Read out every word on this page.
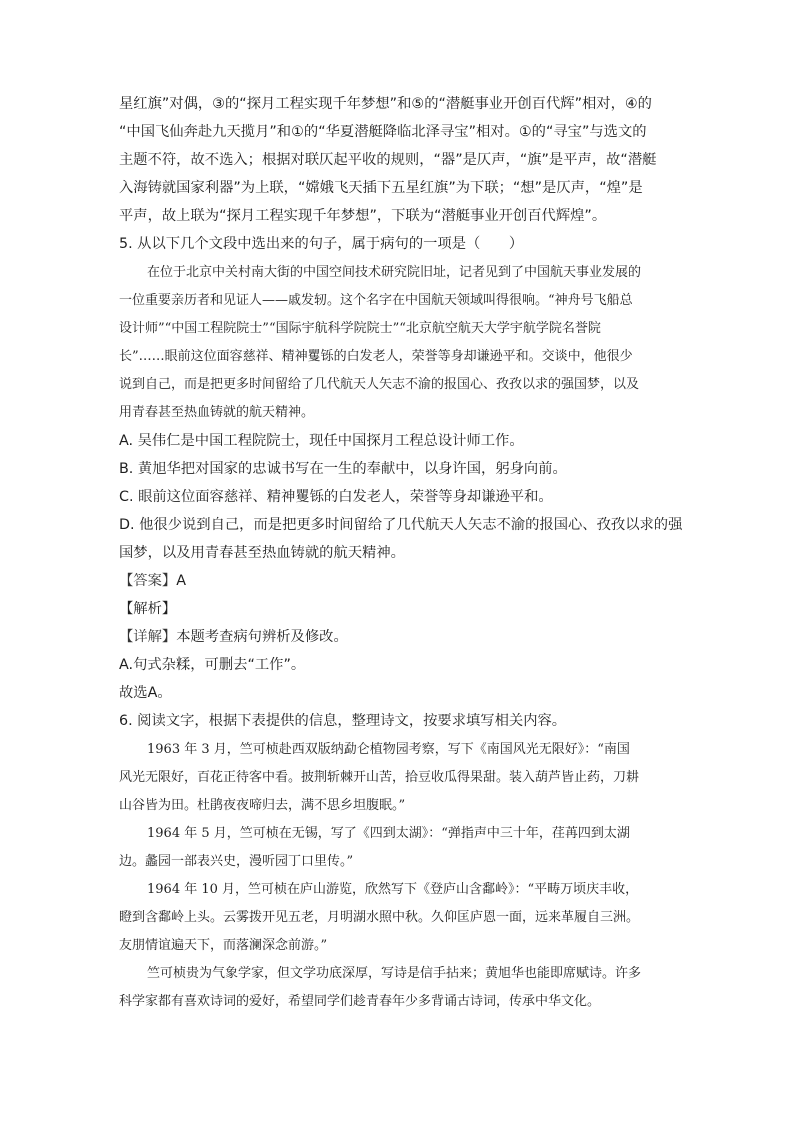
星红旗”对偶，③的“探月工程实现千年梦想”和⑤的“潜艇事业开创百代辉”相对，④的

“中国飞仙奔赴九天揽月”和①的“华夏潜艇降临北泽寻宝”相对。①的“寻宝”与选文的

主题不符，故不选入；根据对联仄起平收的规则，“器”是仄声，“旗”是平声，故“潜艇

入海铸就国家利器”为上联，“嫦娥飞天插下五星红旗”为下联；“想”是仄声，“煌”是

平声，故上联为“探月工程实现千年梦想”，下联为“潜艇事业开创百代辉煌”。

5. 从以下几个文段中选出来的句子，属于病句的一项是（　　）

在位于北京中关村南大街的中国空间技术研究院旧址，记者见到了中国航天事业发展的

一位重要亲历者和见证人——戚发轫。这个名字在中国航天领域叫得很响。“神舟号飞船总

设计师”“中国工程院院士”“国际宇航科学院院士”“北京航空航天大学宇航学院名誉院

长”……眼前这位面容慈祥、精神矍铄的白发老人，荣誉等身却谦逊平和。交谈中，他很少

说到自己，而是把更多时间留给了几代航天人矢志不渝的报国心、孜孜以求的强国梦，以及

用青春甚至热血铸就的航天精神。

A. 吴伟仁是中国工程院院士，现任中国探月工程总设计师工作。

B. 黄旭华把对国家的忠诚书写在一生的奉献中，以身许国，躬身向前。

C. 眼前这位面容慈祥、精神矍铄的白发老人，荣誉等身却谦逊平和。

D. 他很少说到自己，而是把更多时间留给了几代航天人矢志不渝的报国心、孜孜以求的强

国梦，以及用青春甚至热血铸就的航天精神。

【答案】A

【解析】

【详解】本题考查病句辨析及修改。

A.句式杂糅，可删去“工作”。

故选A。

6. 阅读文字，根据下表提供的信息，整理诗文，按要求填写相关内容。

1963 年 3 月，竺可桢赴西双版纳勐仑植物园考察，写下《南国风光无限好》：“南国

风光无限好，百花正待客中看。披荆斩棘开山苦，拾豆收瓜得果甜。装入葫芦皆止药，刀耕

山谷皆为田。杜鹃夜夜啼归去，满不思乡坦腹眠。”

1964 年 5 月，竺可桢在无锡，写了《四到太湖》：“弹指声中三十年，荏苒四到太湖

边。蠡园一部表兴史，漫听园丁口里传。”

1964 年 10 月，竺可桢在庐山游览，欣然写下《登庐山含鄱岭》：“平畴万顷庆丰收，

瞪到含鄱岭上头。云雾拨开见五老，月明湖水照中秋。久仰匡庐恩一面，远来革履自三洲。

友朋情谊遍天下，而落澜深念前游。”

竺可桢贵为气象学家，但文学功底深厚，写诗是信手拈来；黄旭华也能即席赋诗。许多

科学家都有喜欢诗词的爱好，希望同学们趁青春年少多背诵古诗词，传承中华文化。
